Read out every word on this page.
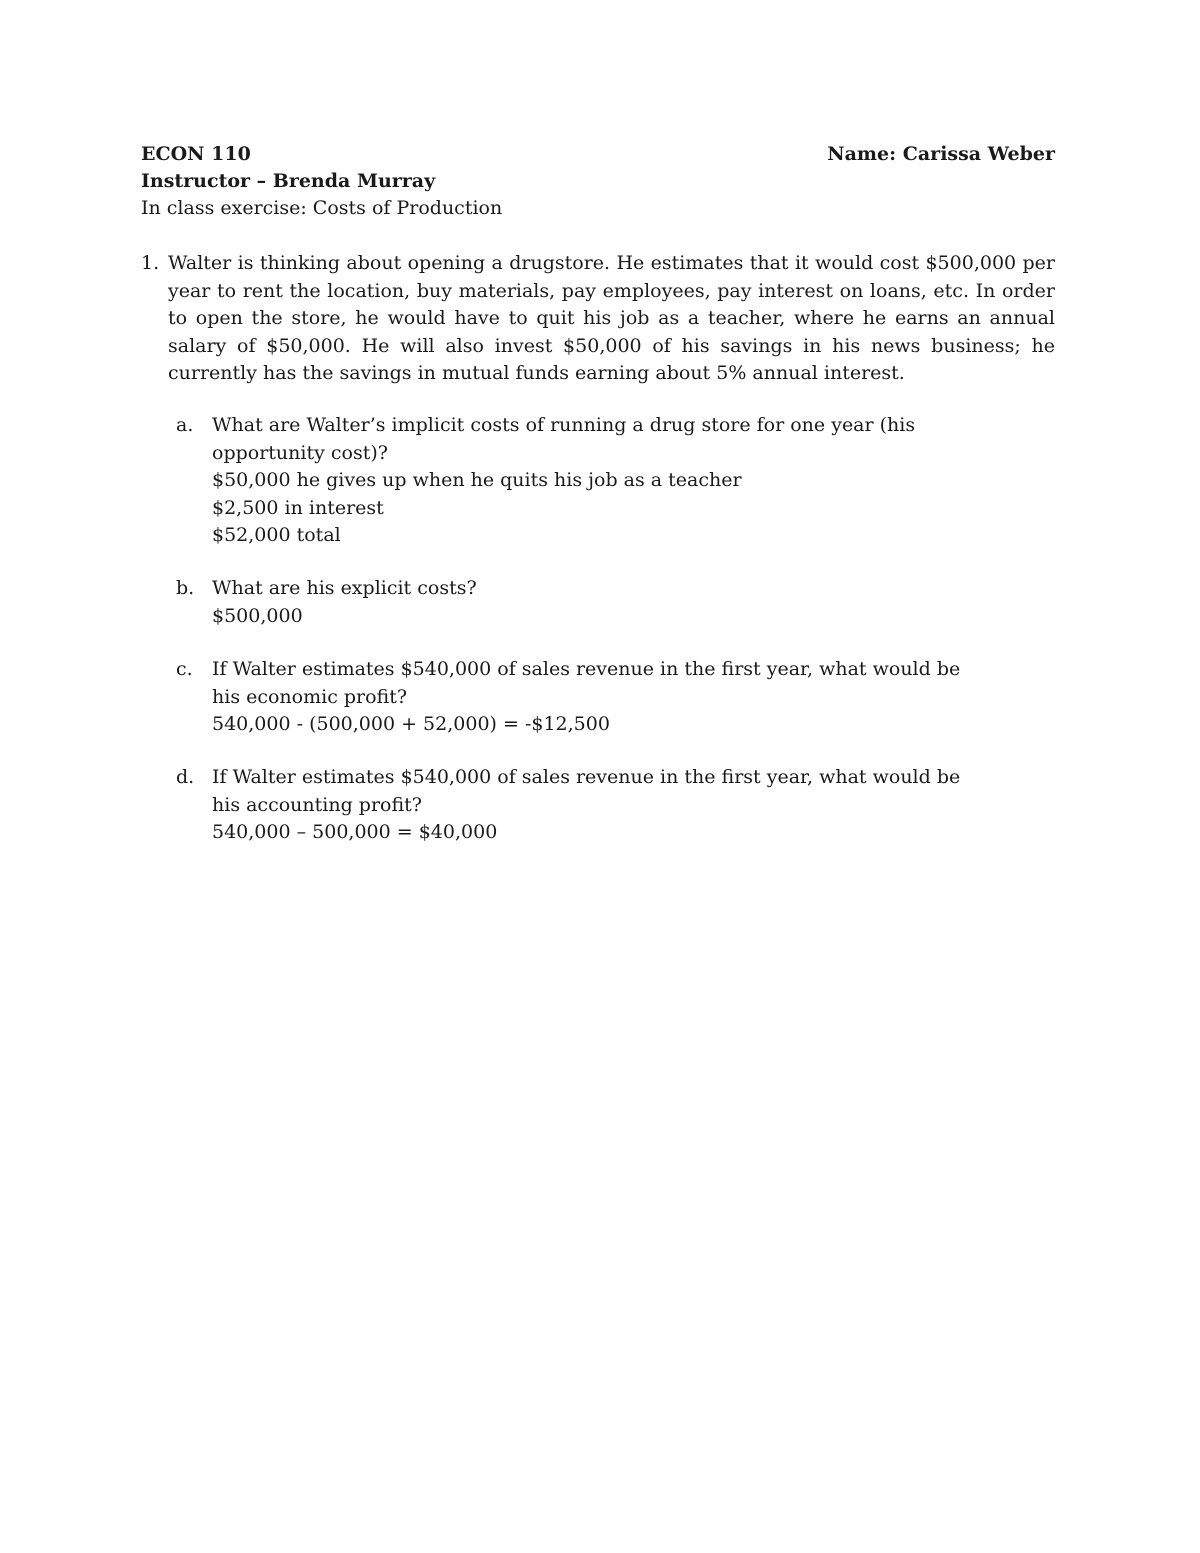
ECON 110	Name: Carissa Weber
Instructor – Brenda Murray
In class exercise: Costs of Production
1. Walter is thinking about opening a drugstore. He estimates that it would cost $500,000 per year to rent the location, buy materials, pay employees, pay interest on loans, etc. In order to open the store, he would have to quit his job as a teacher, where he earns an annual salary of $50,000. He will also invest $50,000 of his savings in his news business; he currently has the savings in mutual funds earning about 5% annual interest.
a. What are Walter’s implicit costs of running a drug store for one year (his opportunity cost)?
$50,000 he gives up when he quits his job as a teacher
$2,500 in interest
$52,000 total
b. What are his explicit costs?
$500,000
c. If Walter estimates $540,000 of sales revenue in the first year, what would be his economic profit?
540,000 - (500,000 + 52,000) = -$12,500
d. If Walter estimates $540,000 of sales revenue in the first year, what would be his accounting profit?
540,000 – 500,000 = $40,000
